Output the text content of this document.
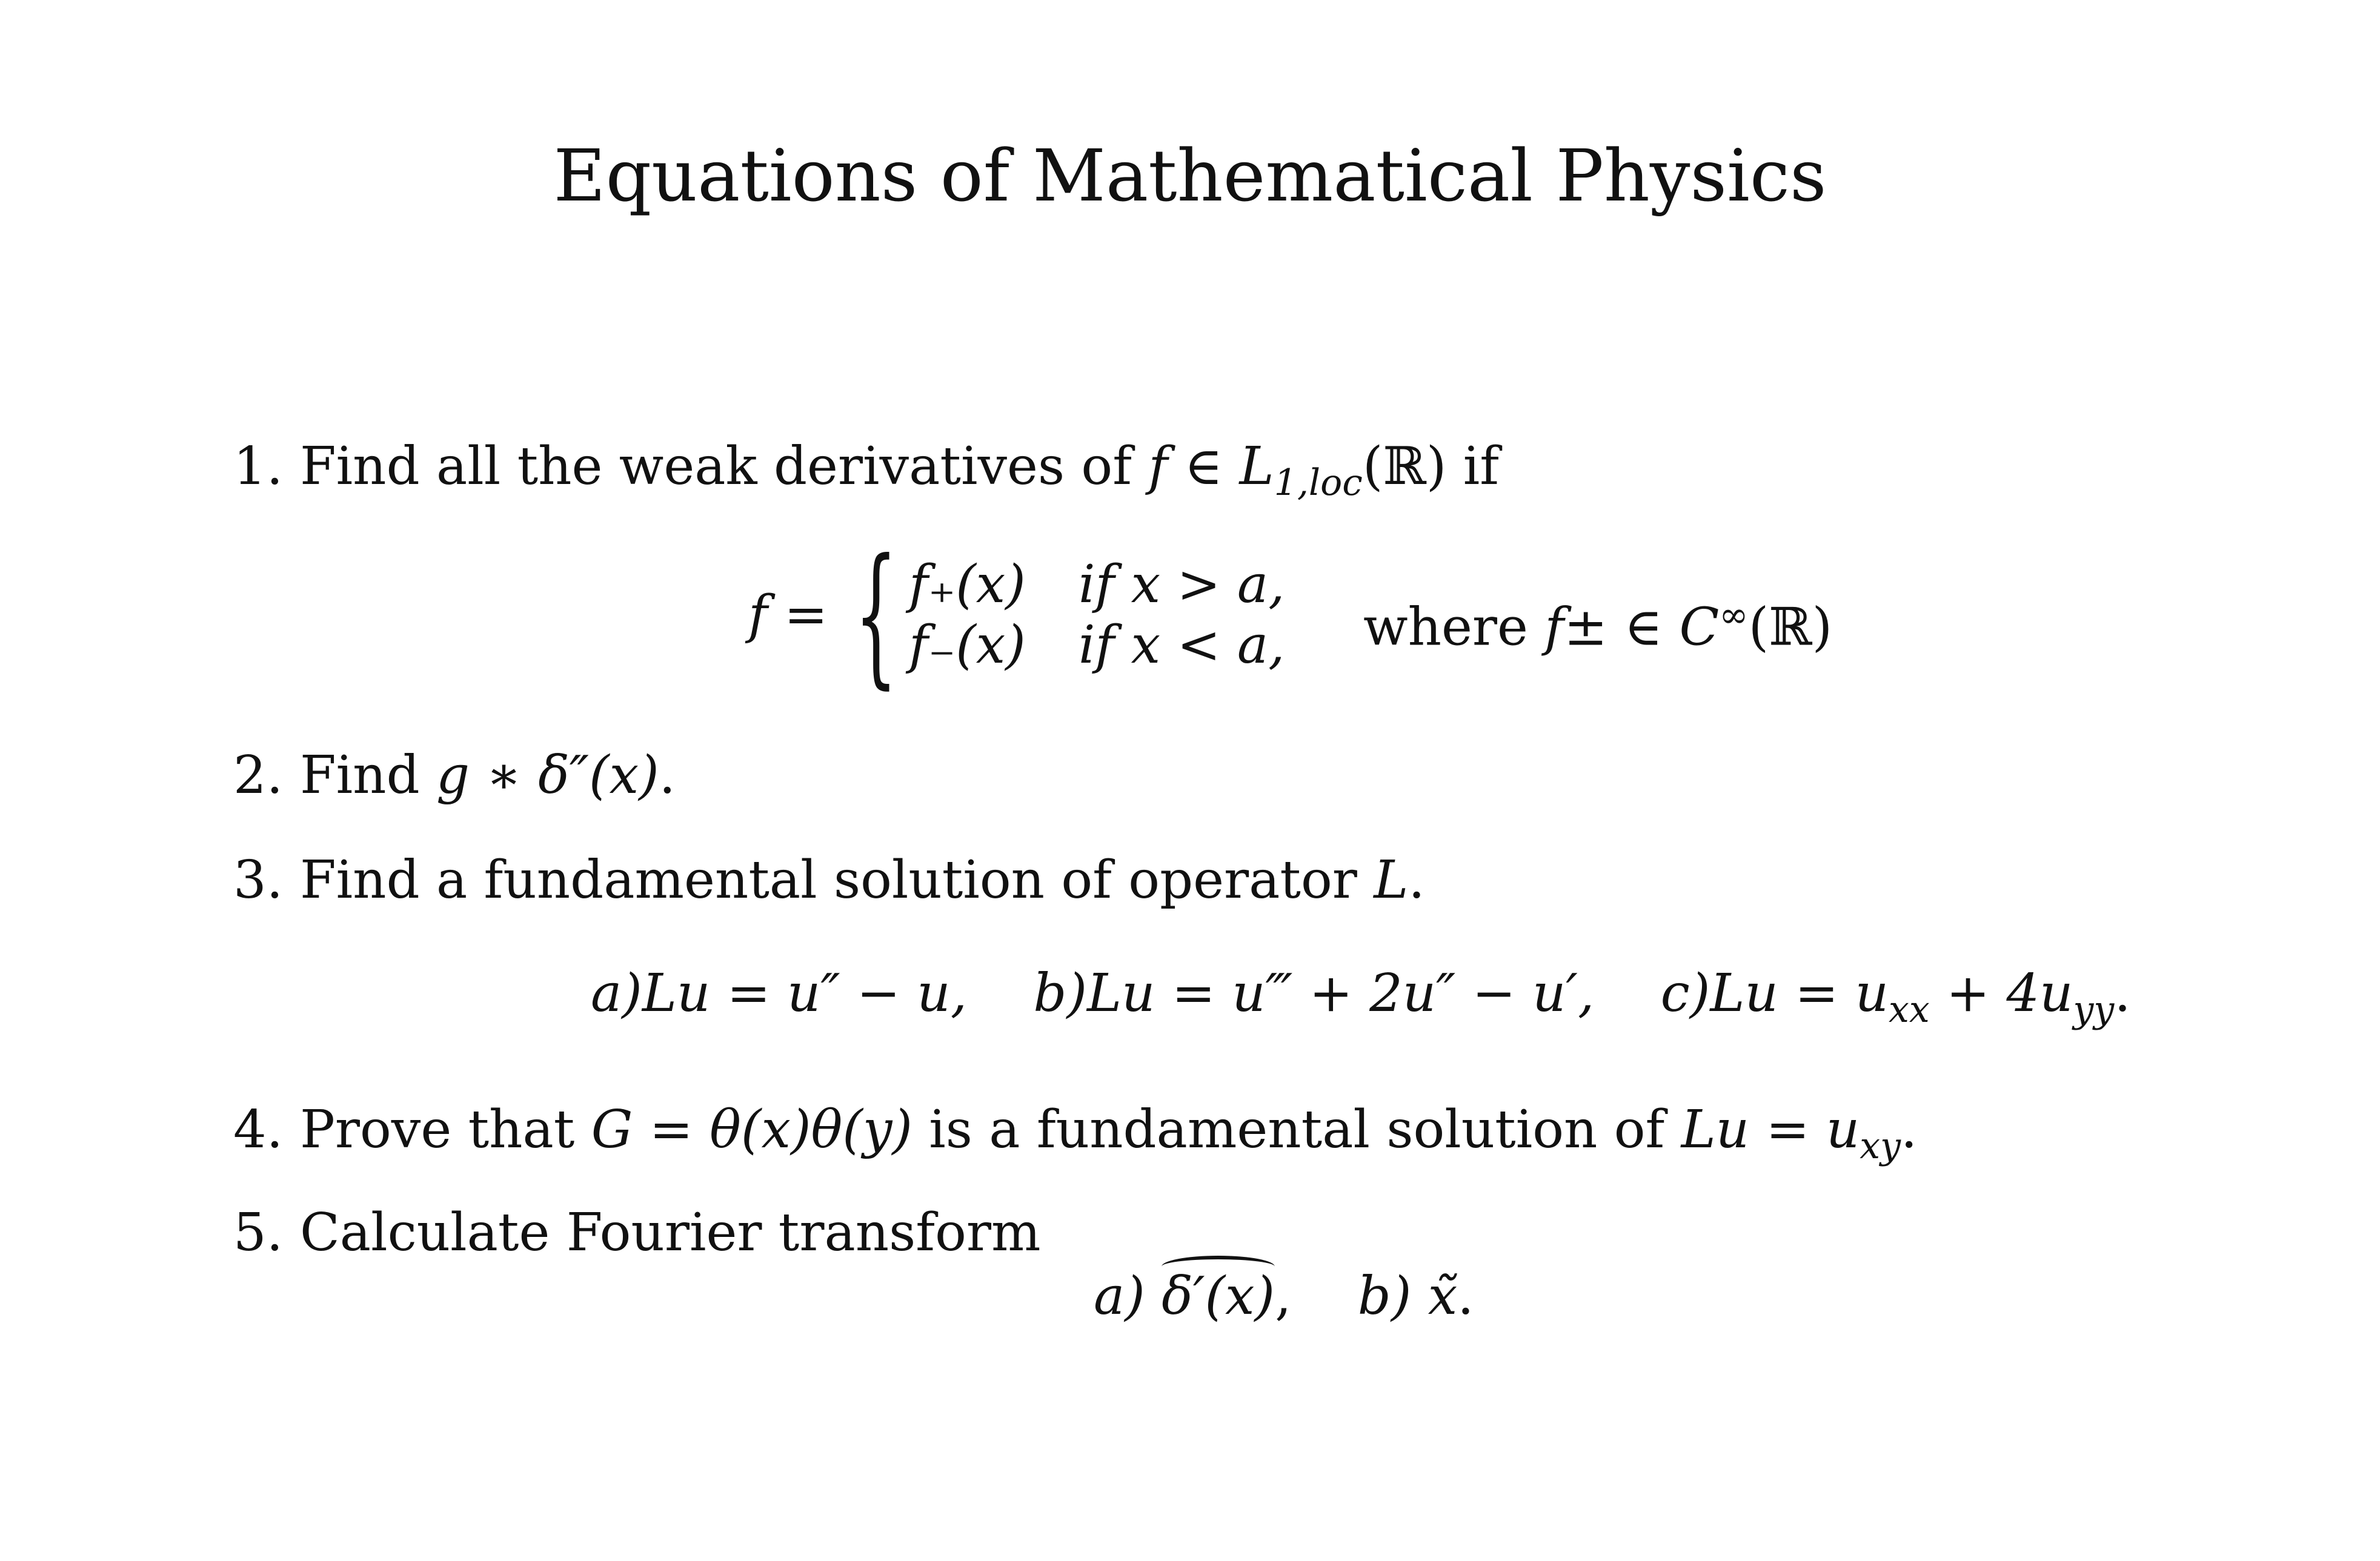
Equations of Mathematical Physics
1. Find all the weak derivatives of f ∈ $L_{1,loc}(ℝ)$ if
f = { f₊(x) if x > a,
f₋(x) if x < a, where f± ∈ C∞(ℝ)
2. Find g ∗ δ″(x).
3. Find a fundamental solution of operator L.
a)Lu = u″ − u, b)Lu = u‴ + 2u″ − u′, $c)Lu = u_{xx} + 4u_{yy}$.
4. Prove that G = θ(x)θ(y) is a fundamental solution of $Lu = u_{xy}$.
5. Calculate Fourier transform
a) δ′(x), b) x̃.
